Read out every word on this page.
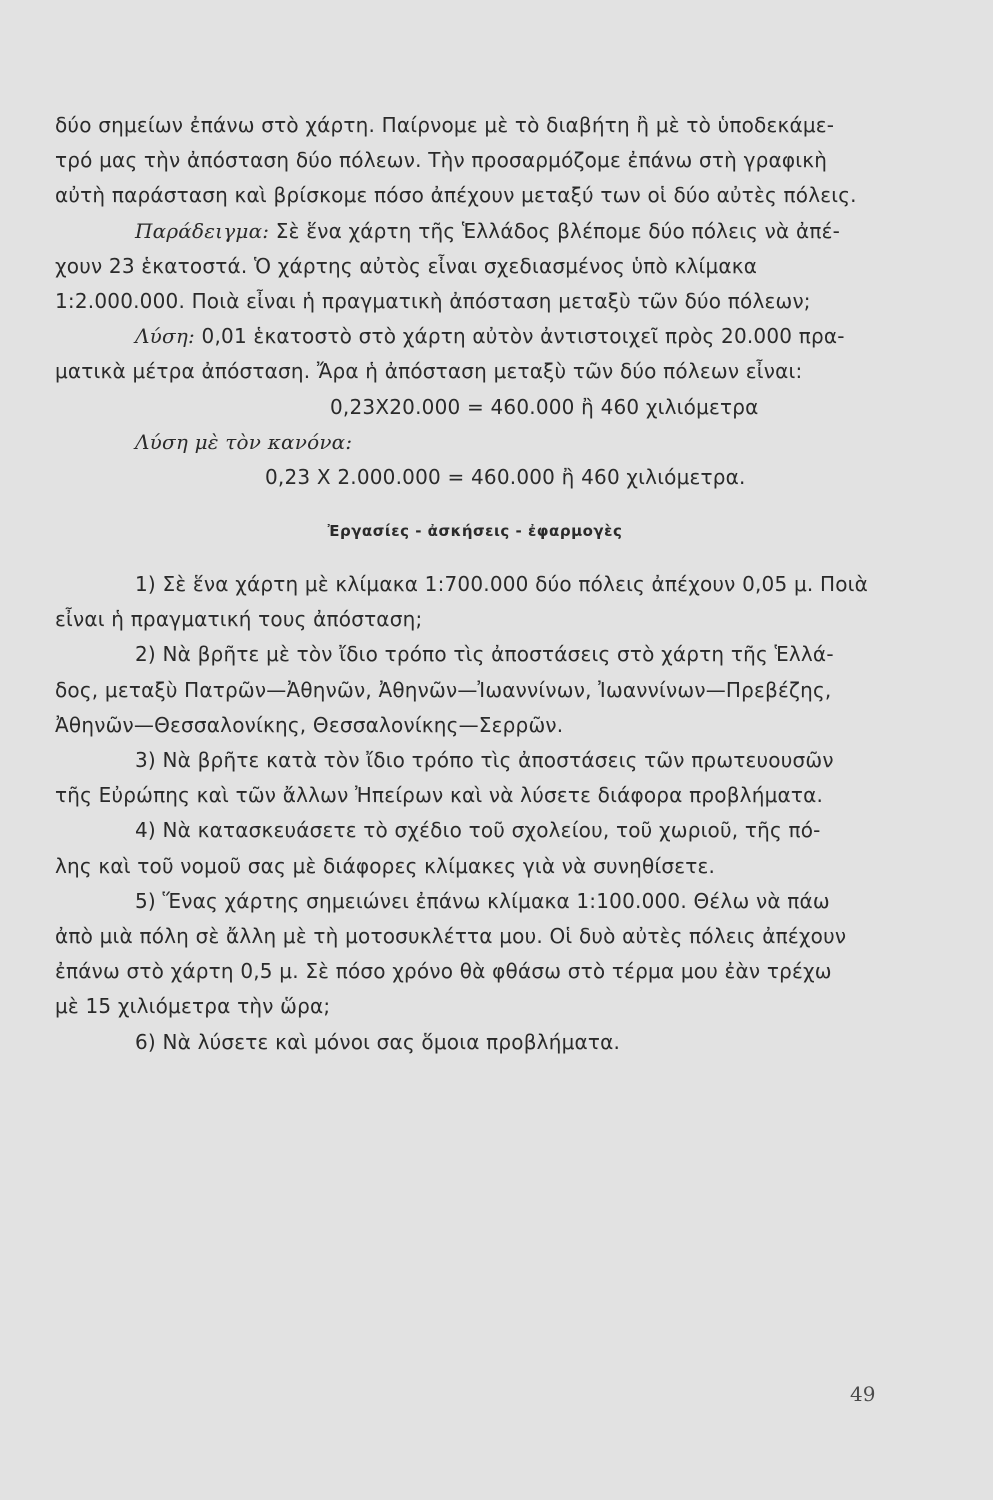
δύο σημείων ἐπάνω στὸ χάρτη. Παίρνομε μὲ τὸ διαβήτη ἢ μὲ τὸ ὑποδεκάμε-
τρό μας τὴν ἀπόσταση δύο πόλεων. Τὴν προσαρμόζομε ἐπάνω στὴ γραφικὴ
αὐτὴ παράσταση καὶ βρίσκομε πόσο ἀπέχουν μεταξύ των οἱ δύο αὐτὲς πόλεις.
Παράδειγμα: Σὲ ἕνα χάρτη τῆς Ἑλλάδος βλέπομε δύο πόλεις νὰ ἀπέ-
χουν 23 ἑκατοστά. Ὁ χάρτης αὐτὸς εἶναι σχεδιασμένος ὑπὸ κλίμακα
1:2.000.000. Ποιὰ εἶναι ἡ πραγματικὴ ἀπόσταση μεταξὺ τῶν δύο πόλεων;
Λύση: 0,01 ἑκατοστὸ στὸ χάρτη αὐτὸν ἀντιστοιχεῖ πρὸς 20.000 πρα-
ματικὰ μέτρα ἀπόσταση. Ἄρα ἡ ἀπόσταση μεταξὺ τῶν δύο πόλεων εἶναι:
0,23Χ20.000 = 460.000 ἢ 460 χιλιόμετρα
Λύση μὲ τὸν κανόνα:
0,23 Χ 2.000.000 = 460.000 ἢ 460 χιλιόμετρα.
Ἐργασίες - ἀσκήσεις - ἐφαρμογὲς
1) Σὲ ἕνα χάρτη μὲ κλίμακα 1:700.000 δύο πόλεις ἀπέχουν 0,05 μ. Ποιὰ
εἶναι ἡ πραγματική τους ἀπόσταση;
2) Νὰ βρῆτε μὲ τὸν ἴδιο τρόπο τὶς ἀποστάσεις στὸ χάρτη τῆς Ἑλλά-
δος, μεταξὺ Πατρῶν—Ἀθηνῶν, Ἀθηνῶν—Ἰωαννίνων, Ἰωαννίνων—Πρεβέζης,
Ἀθηνῶν—Θεσσαλονίκης, Θεσσαλονίκης—Σερρῶν.
3) Νὰ βρῆτε κατὰ τὸν ἴδιο τρόπο τὶς ἀποστάσεις τῶν πρωτευουσῶν
τῆς Εὐρώπης καὶ τῶν ἄλλων Ἠπείρων καὶ νὰ λύσετε διάφορα προβλήματα.
4) Νὰ κατασκευάσετε τὸ σχέδιο τοῦ σχολείου, τοῦ χωριοῦ, τῆς πό-
λης καὶ τοῦ νομοῦ σας μὲ διάφορες κλίμακες γιὰ νὰ συνηθίσετε.
5) Ἕνας χάρτης σημειώνει ἐπάνω κλίμακα 1:100.000. Θέλω νὰ πάω
ἀπὸ μιὰ πόλη σὲ ἄλλη μὲ τὴ μοτοσυκλέττα μου. Οἱ δυὸ αὐτὲς πόλεις ἀπέχουν
ἐπάνω στὸ χάρτη 0,5 μ. Σὲ πόσο χρόνο θὰ φθάσω στὸ τέρμα μου ἐὰν τρέχω
μὲ 15 χιλιόμετρα τὴν ὥρα;
6) Νὰ λύσετε καὶ μόνοι σας ὅμοια προβλήματα.
49
